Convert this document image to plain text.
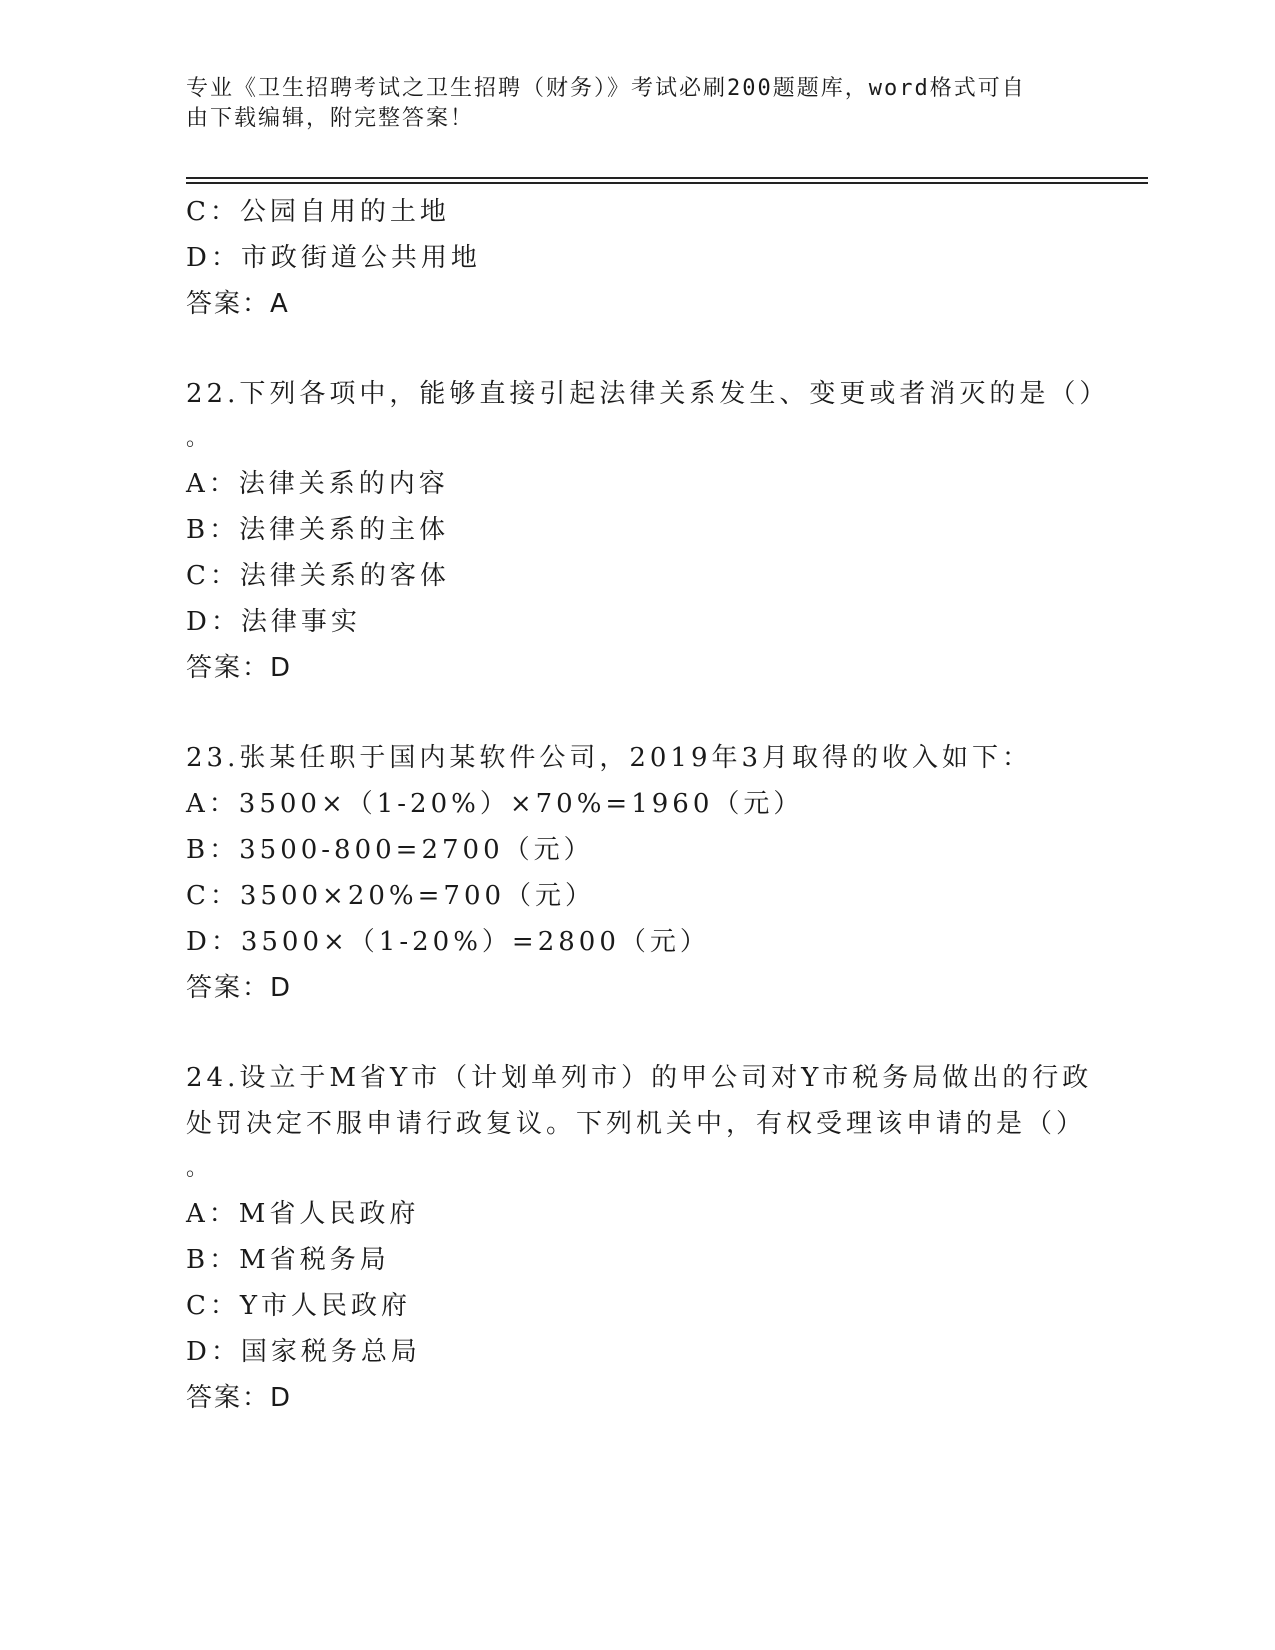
专业《卫生招聘考试之卫生招聘（财务）》考试必刷200题题库，word格式可自
由下载编辑，附完整答案！
C：公园自用的土地
D：市政街道公共用地
答案：A
22.下列各项中，能够直接引起法律关系发生、变更或者消灭的是（）
。
A：法律关系的内容
B：法律关系的主体
C：法律关系的客体
D：法律事实
答案：D
23.张某任职于国内某软件公司，2019年3月取得的收入如下：
A：3500×（1-20%）×70%=1960（元）
B：3500-800=2700（元）
C：3500×20%=700（元）
D：3500×（1-20%）=2800（元）
答案：D
24.设立于M省Y市（计划单列市）的甲公司对Y市税务局做出的行政
处罚决定不服申请行政复议。下列机关中，有权受理该申请的是（）
。
A：M省人民政府
B：M省税务局
C：Y市人民政府
D：国家税务总局
答案：D
